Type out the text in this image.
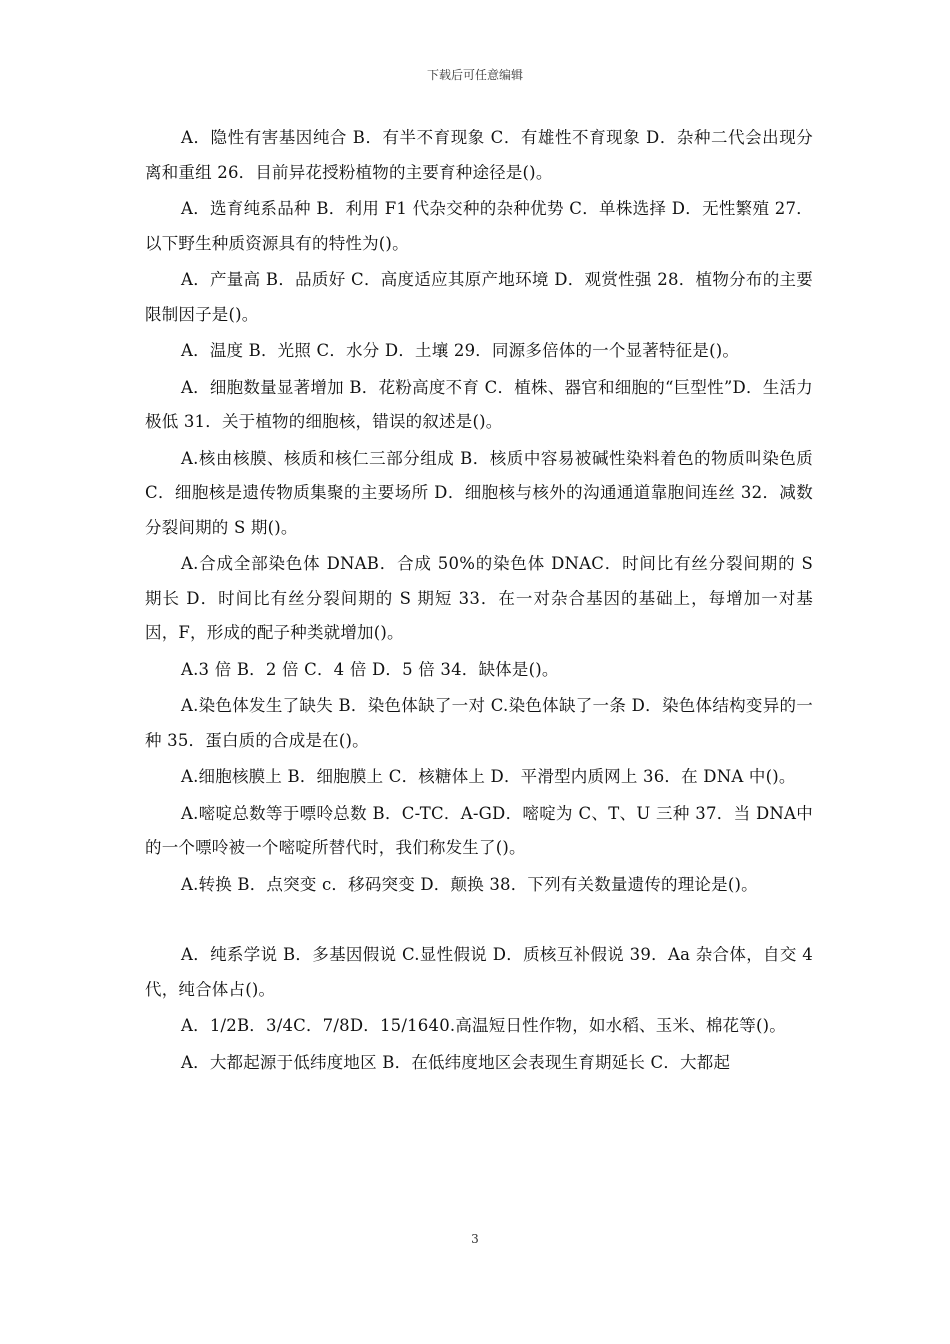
下载后可任意编辑

A．隐性有害基因纯合 B．有半不育现象 C．有雄性不育现象 D．杂种二代会出现分离和重组 26．目前异花授粉植物的主要育种途径是()。

A．选育纯系品种 B．利用 F1 代杂交种的杂种优势 C．单株选择 D．无性繁殖 27．以下野生种质资源具有的特性为()。

A．产量高 B．品质好 C．高度适应其原产地环境 D．观赏性强 28．植物分布的主要限制因子是()。

A．温度 B．光照 C．水分 D．土壤 29．同源多倍体的一个显著特征是()。

A．细胞数量显著增加 B．花粉高度不育 C．植株、器官和细胞的“巨型性”D．生活力极低 31．关于植物的细胞核，错误的叙述是()。

A.核由核膜、核质和核仁三部分组成 B．核质中容易被碱性染料着色的物质叫染色质 C．细胞核是遗传物质集聚的主要场所 D．细胞核与核外的沟通通道靠胞间连丝 32．减数分裂间期的 S 期()。

A.合成全部染色体 DNAB．合成 50%的染色体 DNAC．时间比有丝分裂间期的 S 期长 D．时间比有丝分裂间期的 S 期短 33．在一对杂合基因的基础上，每增加一对基因，F，形成的配子种类就增加()。

A.3 倍 B．2 倍 C．4 倍 D．5 倍 34．缺体是()。

A.染色体发生了缺失 B．染色体缺了一对 C.染色体缺了一条 D．染色体结构变异的一种 35．蛋白质的合成是在()。

A.细胞核膜上 B．细胞膜上 C．核糖体上 D．平滑型内质网上 36．在 DNA 中()。

A.嘧啶总数等于嘌呤总数 B．C-TC．A-GD．嘧啶为 C、T、U 三种 37．当 DNA中的一个嘌呤被一个嘧啶所替代时，我们称发生了()。

A.转换 B．点突变 c．移码突变 D．颠换 38．下列有关数量遗传的理论是()。

A．纯系学说 B．多基因假说 C.显性假说 D．质核互补假说 39．Aa 杂合体，自交 4 代，纯合体占()。

A．1/2B．3/4C．7/8D．15/1640.高温短日性作物，如水稻、玉米、棉花等()。

A．大都起源于低纬度地区 B．在低纬度地区会表现生育期延长 C．大都起

3
